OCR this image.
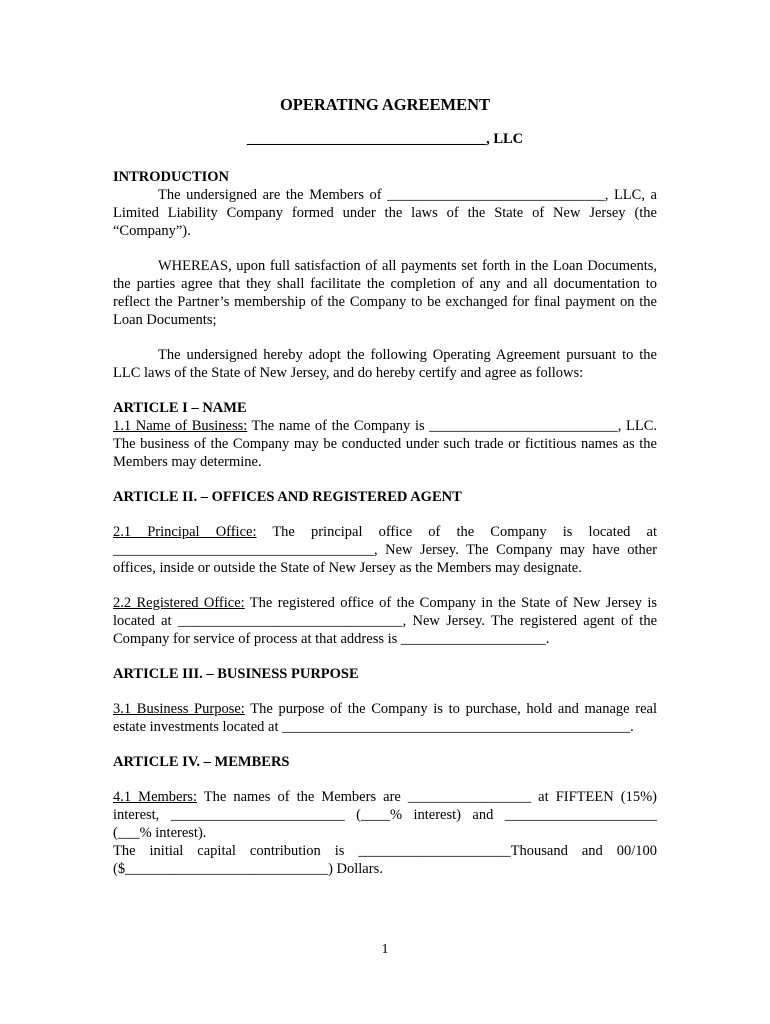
OPERATING AGREEMENT
_________________________________, LLC
INTRODUCTION
The undersigned are the Members of ______________________________, LLC, a Limited Liability Company formed under the laws of the State of New Jersey (the “Company”).
WHEREAS, upon full satisfaction of all payments set forth in the Loan Documents, the parties agree that they shall facilitate the completion of any and all documentation to reflect the Partner’s membership of the Company to be exchanged for final payment on the Loan Documents;
The undersigned hereby adopt the following Operating Agreement pursuant to the LLC laws of the State of New Jersey, and do hereby certify and agree as follows:
ARTICLE I – NAME
1.1 Name of Business: The name of the Company is __________________________, LLC. The business of the Company may be conducted under such trade or fictitious names as the Members may determine.
ARTICLE II. – OFFICES AND REGISTERED AGENT
2.1 Principal Office: The principal office of the Company is located at ____________________________________, New Jersey. The Company may have other offices, inside or outside the State of New Jersey as the Members may designate.
2.2 Registered Office: The registered office of the Company in the State of New Jersey is located at _______________________________, New Jersey. The registered agent of the Company for service of process at that address is ____________________.
ARTICLE III. – BUSINESS PURPOSE
3.1 Business Purpose: The purpose of the Company is to purchase, hold and manage real estate investments located at ________________________________________________.
ARTICLE IV. – MEMBERS
4.1 Members: The names of the Members are _________________ at FIFTEEN (15%) interest, ________________________ (____% interest) and _____________________ (___% interest).
The initial capital contribution is _____________________Thousand and 00/100 ($____________________________) Dollars.
1
